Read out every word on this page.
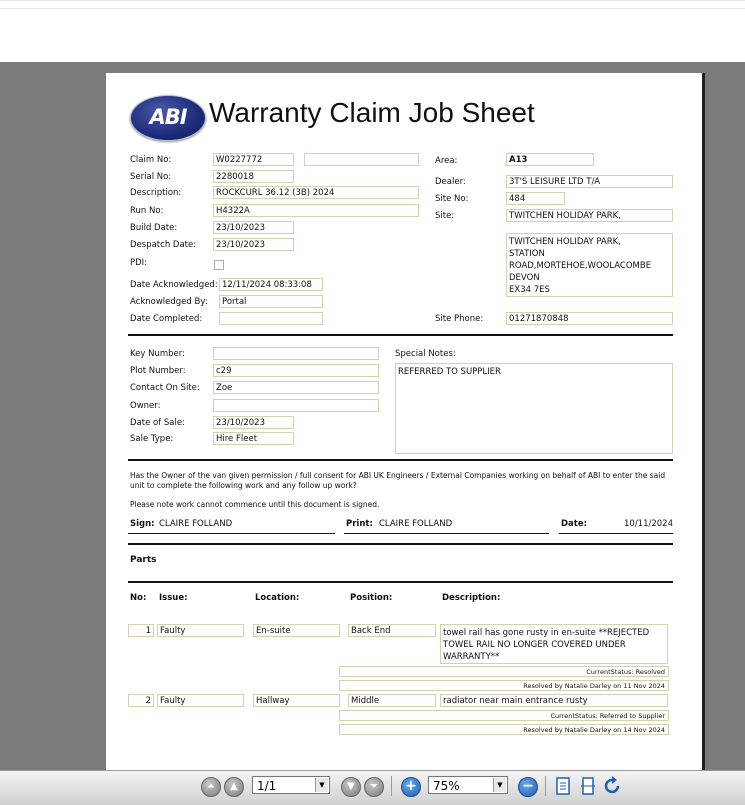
ABI Warranty Claim Job Sheet
Claim No:	W0227772
Serial No:	2280018
Description:	ROCKCURL 36.12 (3B) 2024
Run No:	H4322A
Build Date:	23/10/2023
Despatch Date:	23/10/2023
PDI:
Date Acknowledged: 12/11/2024 08:33:08
Acknowledged By:	Portal
Date Completed:
Area:	A13
Dealer:	3T'S LEISURE LTD T/A
Site No:	484
Site:	TWITCHEN HOLIDAY PARK,
TWITCHEN HOLIDAY PARK,
STATION
ROAD,MORTEHOE,WOOLACOMBE
DEVON
EX34 7ES
Site Phone:	01271870848
Key Number:
Plot Number:	c29
Contact On Site:	Zoe
Owner:
Date of Sale:	23/10/2023
Sale Type:	Hire Fleet
Special Notes:
REFERRED TO SUPPLIER
Has the Owner of the van given permission / full consent for ABI UK Engineers / External Companies working on behalf of ABI to enter the said unit to complete the following work and any follow up work?
Please note work cannot commence until this document is signed.
Sign: CLAIRE FOLLAND	Print: CLAIRE FOLLAND	Date:	10/11/2024
Parts
No: Issue:	Location:	Position:	Description:
1	Faulty	En-suite	Back End	towel rail has gone rusty in en-suite **REJECTED TOWEL RAIL NO LONGER COVERED UNDER WARRANTY**
CurrentStatus: Resolved
Resolved by Natalie Darley on 11 Nov 2024
2	Faulty	Hallway	Middle	radiator near main entrance rusty
CurrentStatus: Referred to Supplier
Resolved by Natalie Darley on 14 Nov 2024
⏶	▲	1/1	▼	▼	⏷	+	75%	▼ −
